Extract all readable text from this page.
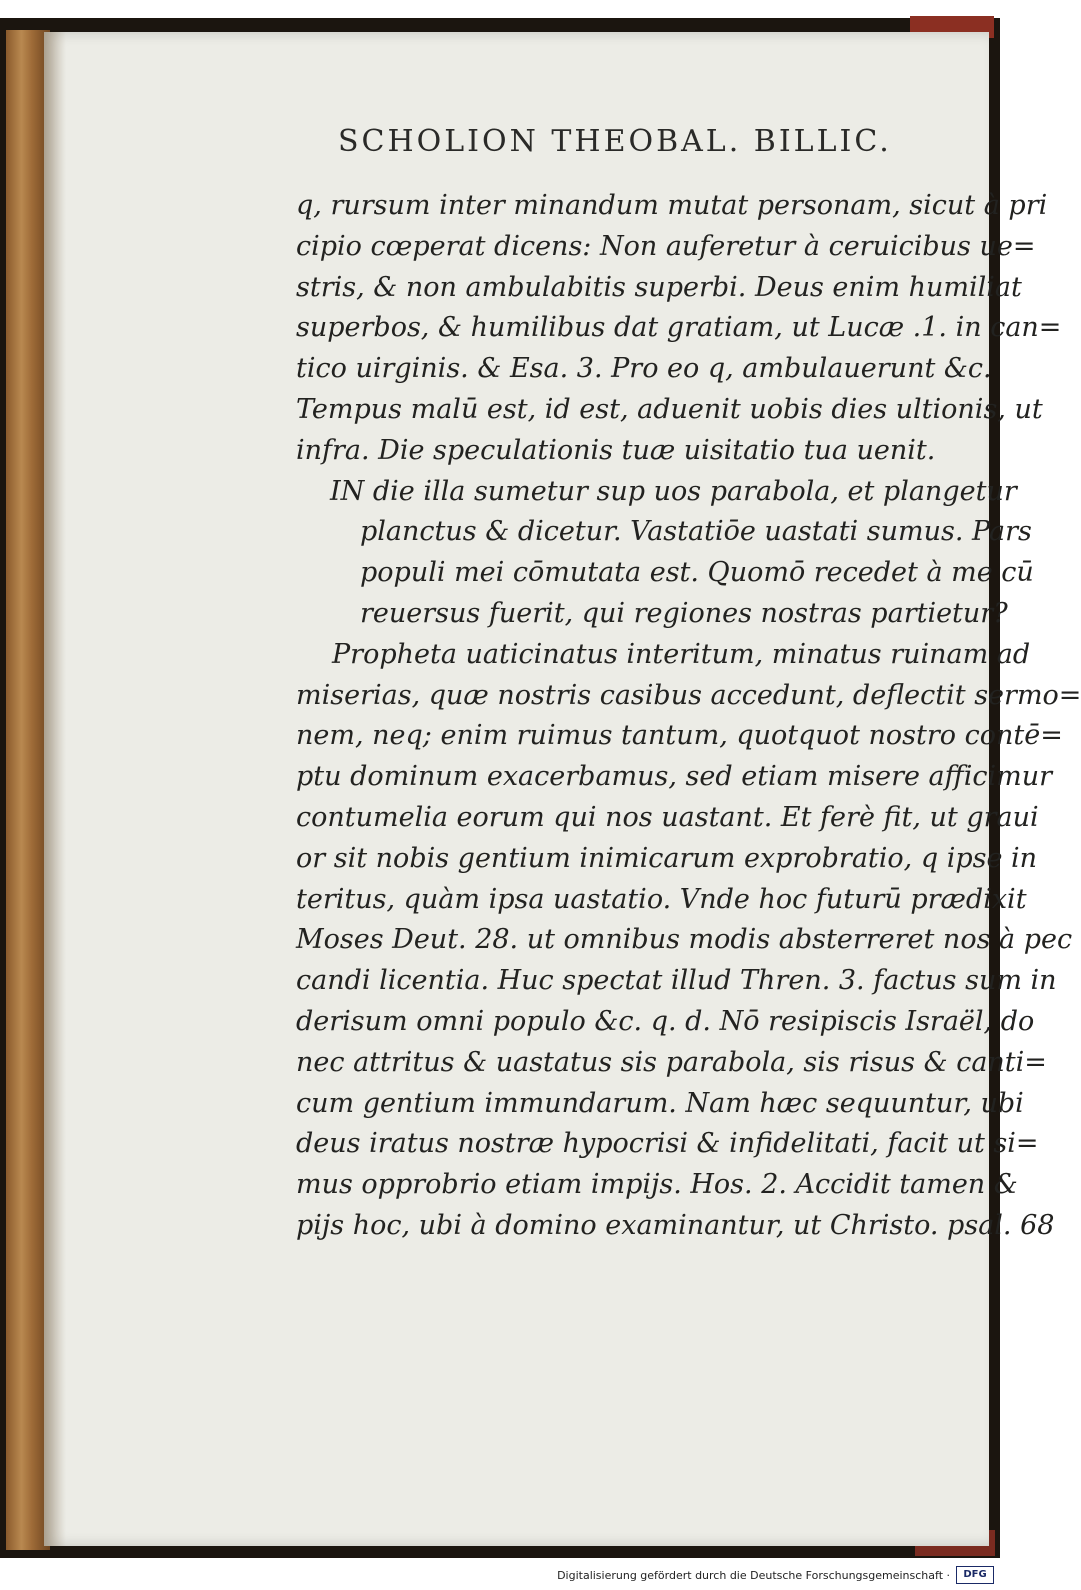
SCHOLION THEOBAL. BILLIC.
q, rursum inter minandum mutat personam, sicut à pri
cipio cœperat dicens: Non auferetur à ceruicibus ue=
stris, & non ambulabitis superbi. Deus enim humiliat
superbos, & humilibus dat gratiam, ut Lucæ .1. in can=
tico uirginis. & Esa. 3. Pro eo q, ambulauerunt &c.
Tempus malū est, id est, aduenit uobis dies ultionis, ut
infra. Die speculationis tuæ uisitatio tua uenit.
IN die illa sumetur sup uos parabola, et plangetur
planctus & dicetur. Vastatiōe uastati sumus. Pars
populi mei cōmutata est. Quomō recedet à me cū
reuersus fuerit, qui regiones nostras partietur?
Propheta uaticinatus interitum, minatus ruinam ad
miserias, quæ nostris casibus accedunt, deflectit sermo=
nem, neq; enim ruimus tantum, quotquot nostro contē=
ptu dominum exacerbamus, sed etiam misere afficimur
contumelia eorum qui nos uastant. Et ferè fit, ut graui
or sit nobis gentium inimicarum exprobratio, q ipse in
teritus, quàm ipsa uastatio. Vnde hoc futurū prædixit
Moses Deut. 28. ut omnibus modis absterreret nos à pec
candi licentia. Huc spectat illud Thren. 3. factus sum in
derisum omni populo &c. q. d. Nō resipiscis Israël, do
nec attritus & uastatus sis parabola, sis risus & canti=
cum gentium immundarum. Nam hæc sequuntur, ubi
deus iratus nostræ hypocrisi & infidelitati, facit ut si=
mus opprobrio etiam impijs. Hos. 2. Accidit tamen &
pijs hoc, ubi à domino examinantur, ut Christo. psal. 68
Digitalisierung gefördert durch die Deutsche Forschungsgemeinschaft ·	DFG
